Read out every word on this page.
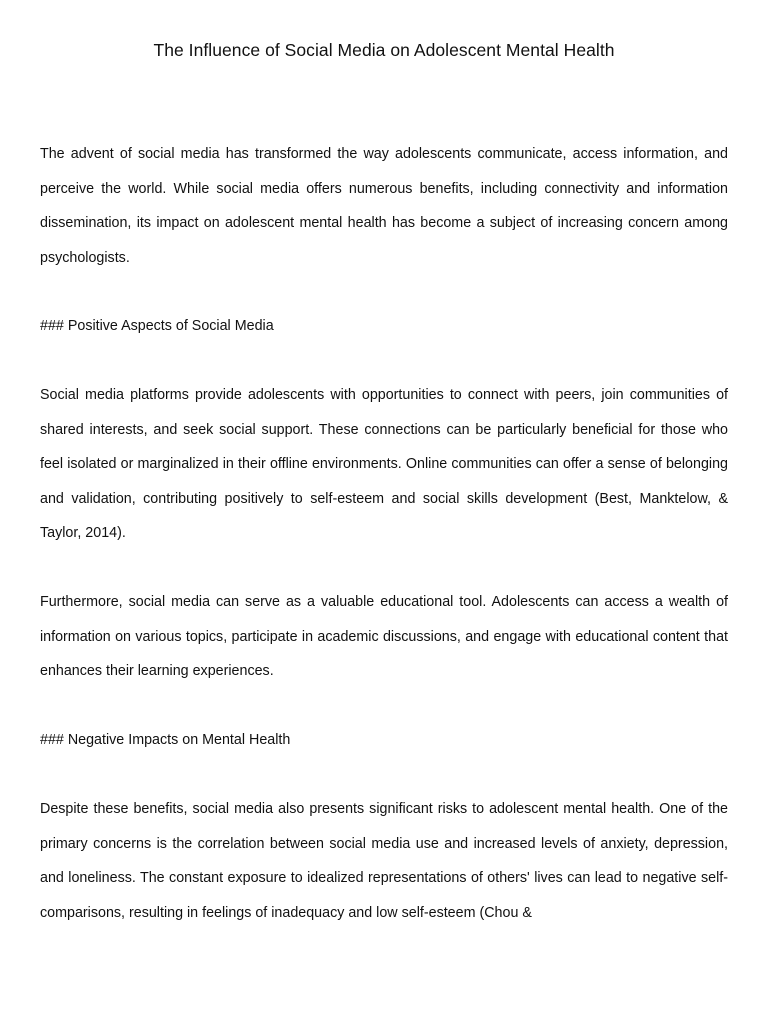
The Influence of Social Media on Adolescent Mental Health

The advent of social media has transformed the way adolescents communicate, access information, and perceive the world. While social media offers numerous benefits, including connectivity and information dissemination, its impact on adolescent mental health has become a subject of increasing concern among psychologists.

### Positive Aspects of Social Media

Social media platforms provide adolescents with opportunities to connect with peers, join communities of shared interests, and seek social support. These connections can be particularly beneficial for those who feel isolated or marginalized in their offline environments. Online communities can offer a sense of belonging and validation, contributing positively to self-esteem and social skills development (Best, Manktelow, & Taylor, 2014).

Furthermore, social media can serve as a valuable educational tool. Adolescents can access a wealth of information on various topics, participate in academic discussions, and engage with educational content that enhances their learning experiences.

### Negative Impacts on Mental Health

Despite these benefits, social media also presents significant risks to adolescent mental health. One of the primary concerns is the correlation between social media use and increased levels of anxiety, depression, and loneliness. The constant exposure to idealized representations of others' lives can lead to negative self-comparisons, resulting in feelings of inadequacy and low self-esteem (Chou &
